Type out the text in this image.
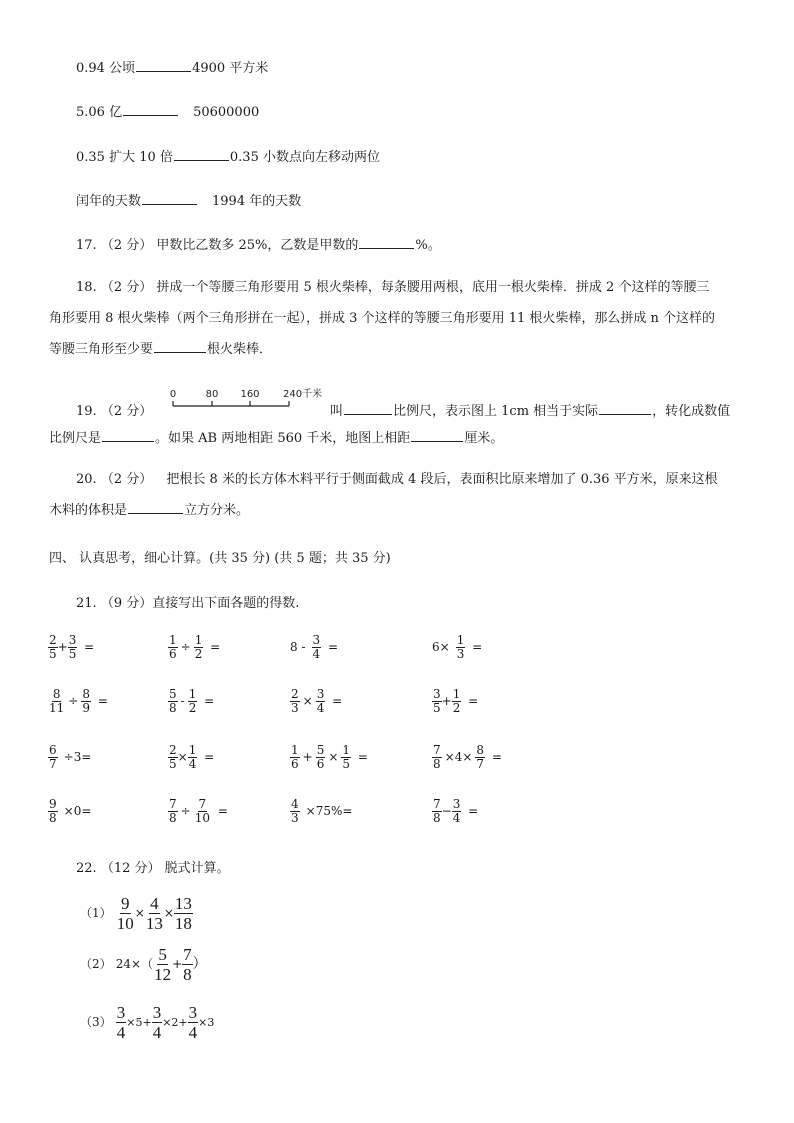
0.94 公顷	4900 平方米
5.06 亿	50600000
0.35 扩大 10 倍	0.35 小数点向左移动两位
闰年的天数	1994 年的天数
17. （2 分） 甲数比乙数多 25%，乙数是甲数的	%。
18. （2 分） 拼成一个等腰三角形要用 5 根火柴棒，每条腰用两根，底用一根火柴棒．拼成 2 个这样的等腰三
角形要用 8 根火柴棒（两个三角形拼在一起），拼成 3 个这样的等腰三角形要用 11 根火柴棒，那么拼成 n 个这样的
等腰三角形至少要	根火柴棒．
0	80 160 240千米
19. （2 分）	叫	比例尺，表示图上 1cm 相当于实际	，转化成数值
比例尺是	。如果 AB 两地相距 560 千米，地图上相距	厘米。
20. （2 分） 把根长 8 米的长方体木料平行于侧面截成 4 段后，表面积比原来增加了 0.36 平方米，原来这根
木料的体积是	立方分米。
四、 认真思考，细心计算。(共 35 分) (共 5 题；共 35 分)
21. （9 分）直接写出下面各题的得数.
$\frac{2}{5} + \frac{3}{5}$ =	$\frac{1}{6} \div \frac{1}{2}$ =	$8 - \frac{3}{4}$ =	$6\times \frac{1}{3}$ =
$\frac{8}{11} \div \frac{8}{9}$ =	$\frac{5}{8} - \frac{1}{2}$ =	$\frac{2}{3} \times \frac{3}{4}$ =	$\frac{3}{5} + \frac{1}{2}$ =
$\frac{6}{7} \div 3=$	$\frac{2}{5} \times \frac{1}{4}$ =	$\frac{1}{6} + \frac{5}{6} \times \frac{1}{5}$ =	$\frac{7}{8} \times 4\times \frac{8}{7}$ =
$\frac{9}{8} \times 0=$	$\frac{7}{8} \div \frac{7}{10}$ =	$\frac{4}{3} \times 75\%=$	$\frac{7}{8} - \frac{3}{4}$ =
22. （12 分） 脱式计算。
$(1) \frac{9}{10} \times \frac{4}{13} \times \frac{13}{18}$
（2） $24\times( \frac{5}{12} + \frac{7}{8}$ ）
$(3) \frac{3}{4} \times 5+ \frac{3}{4} \times 2+ \frac{3}{4} \times 3$
